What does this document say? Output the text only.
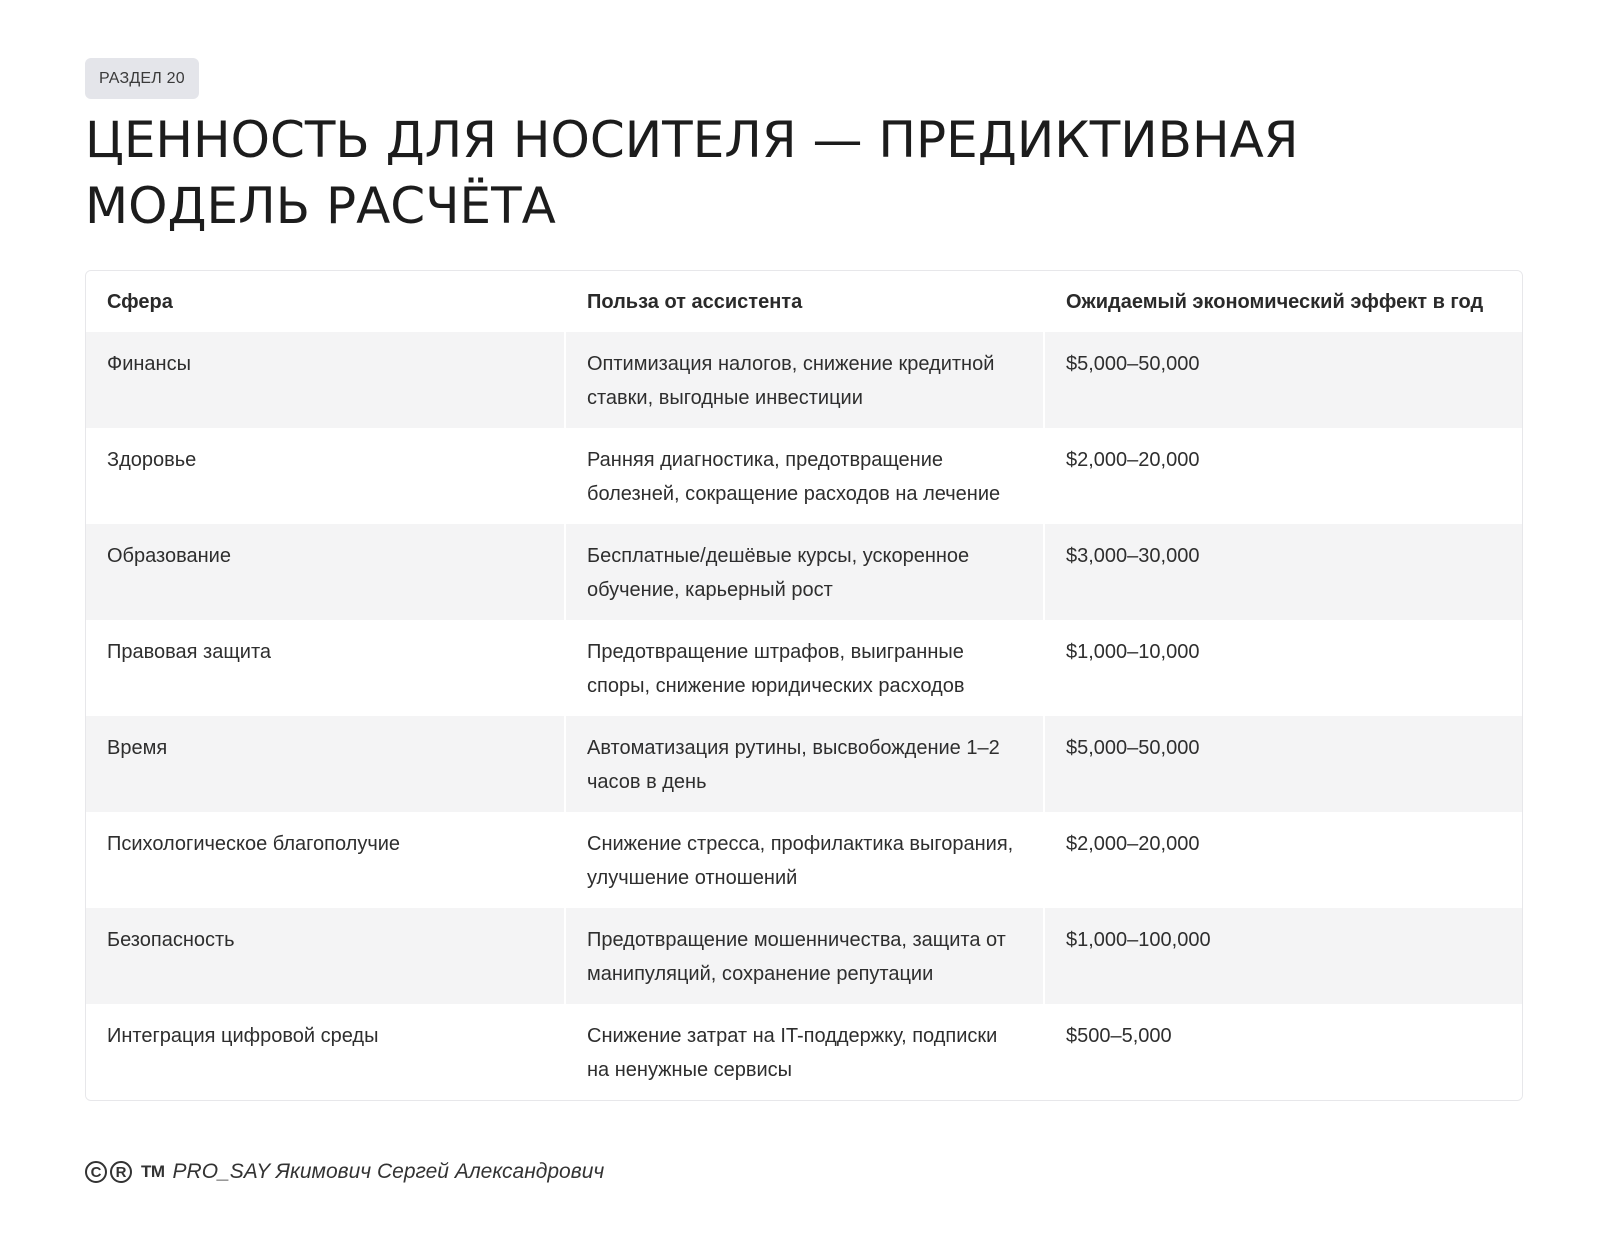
РАЗДЕЛ 20
ЦЕННОСТЬ ДЛЯ НОСИТЕЛЯ — ПРЕДИКТИВНАЯ МОДЕЛЬ РАСЧЁТА
Сфера	Польза от ассистента	Ожидаемый экономический эффект в год
Финансы	Оптимизация налогов, снижение кредитной ставки, выгодные инвестиции	$5,000–50,000
Здоровье	Ранняя диагностика, предотвращение болезней, сокращение расходов на лечение	$2,000–20,000
Образование	Бесплатные/дешёвые курсы, ускоренное обучение, карьерный рост	$3,000–30,000
Правовая защита	Предотвращение штрафов, выигранные споры, снижение юридических расходов	$1,000–10,000
Время	Автоматизация рутины, высвобождение 1–2 часов в день	$5,000–50,000
Психологическое благополучие	Снижение стресса, профилактика выгорания, улучшение отношений	$2,000–20,000
Безопасность	Предотвращение мошенничества, защита от манипуляций, сохранение репутации	$1,000–100,000
Интеграция цифровой среды	Снижение затрат на IT-поддержку, подписки на ненужные сервисы	$500–5,000
C R TM PRO_SAY Якимович Сергей Александрович
